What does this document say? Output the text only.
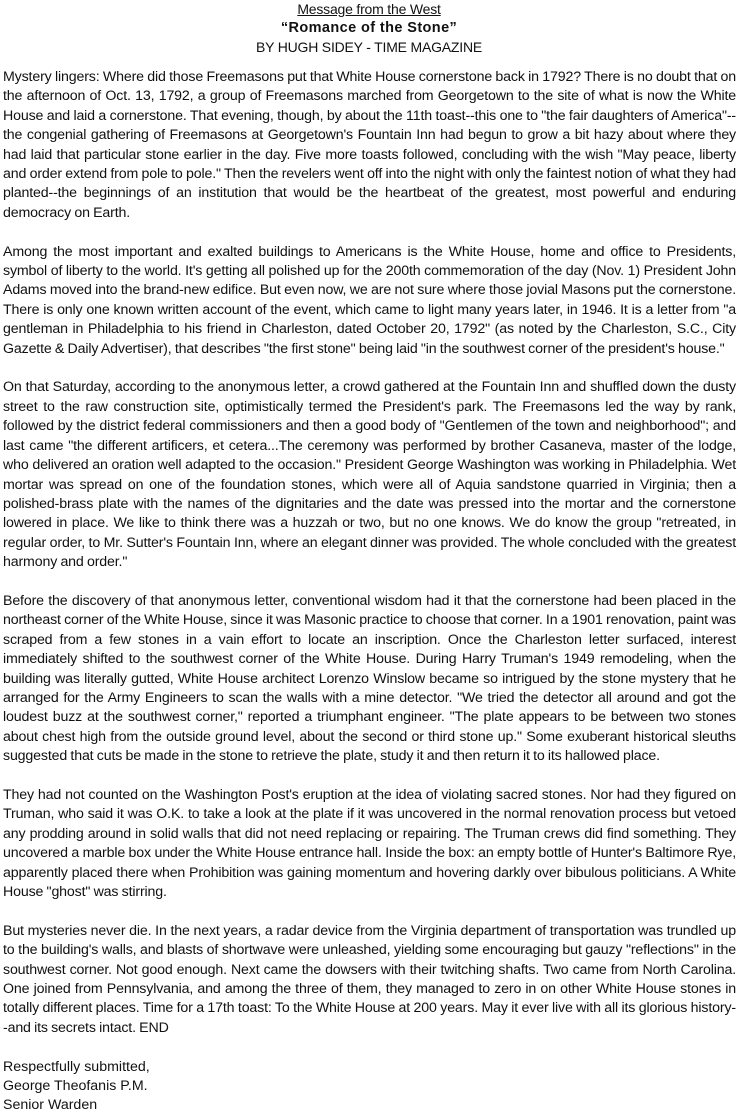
Message from the West
“Romance of the Stone”
BY HUGH SIDEY - TIME MAGAZINE

Mystery lingers: Where did those Freemasons put that White House cornerstone back in 1792? There is no doubt that on the afternoon of Oct. 13, 1792, a group of Freemasons marched from Georgetown to the site of what is now the White House and laid a cornerstone. That evening, though, by about the 11th toast--this one to "the fair daughters of America"--the congenial gathering of Freemasons at Georgetown's Fountain Inn had begun to grow a bit hazy about where they had laid that particular stone earlier in the day. Five more toasts followed, concluding with the wish "May peace, liberty and order extend from pole to pole." Then the revelers went off into the night with only the faintest notion of what they had planted--the beginnings of an institution that would be the heartbeat of the greatest, most powerful and enduring democracy on Earth.

Among the most important and exalted buildings to Americans is the White House, home and office to Presidents, symbol of liberty to the world. It's getting all polished up for the 200th commemoration of the day (Nov. 1) President John Adams moved into the brand-new edifice. But even now, we are not sure where those jovial Masons put the cornerstone. There is only one known written account of the event, which came to light many years later, in 1946. It is a letter from "a gentleman in Philadelphia to his friend in Charleston, dated October 20, 1792" (as noted by the Charleston, S.C., City Gazette & Daily Advertiser), that describes "the first stone" being laid "in the southwest corner of the president's house."

On that Saturday, according to the anonymous letter, a crowd gathered at the Fountain Inn and shuffled down the dusty street to the raw construction site, optimistically termed the President's park. The Freemasons led the way by rank, followed by the district federal commissioners and then a good body of "Gentlemen of the town and neighborhood"; and last came "the different artificers, et cetera...The ceremony was performed by brother Casaneva, master of the lodge, who delivered an oration well adapted to the occasion." President George Washington was working in Philadelphia. Wet mortar was spread on one of the foundation stones, which were all of Aquia sandstone quarried in Virginia; then a polished-brass plate with the names of the dignitaries and the date was pressed into the mortar and the cornerstone lowered in place. We like to think there was a huzzah or two, but no one knows. We do know the group "retreated, in regular order, to Mr. Sutter's Fountain Inn, where an elegant dinner was provided. The whole concluded with the greatest harmony and order."

Before the discovery of that anonymous letter, conventional wisdom had it that the cornerstone had been placed in the northeast corner of the White House, since it was Masonic practice to choose that corner. In a 1901 renovation, paint was scraped from a few stones in a vain effort to locate an inscription. Once the Charleston letter surfaced, interest immediately shifted to the southwest corner of the White House. During Harry Truman's 1949 remodeling, when the building was literally gutted, White House architect Lorenzo Winslow became so intrigued by the stone mystery that he arranged for the Army Engineers to scan the walls with a mine detector. "We tried the detector all around and got the loudest buzz at the southwest corner," reported a triumphant engineer. "The plate appears to be between two stones about chest high from the outside ground level, about the second or third stone up." Some exuberant historical sleuths suggested that cuts be made in the stone to retrieve the plate, study it and then return it to its hallowed place.

They had not counted on the Washington Post's eruption at the idea of violating sacred stones. Nor had they figured on Truman, who said it was O.K. to take a look at the plate if it was uncovered in the normal renovation process but vetoed any prodding around in solid walls that did not need replacing or repairing. The Truman crews did find something. They uncovered a marble box under the White House entrance hall. Inside the box: an empty bottle of Hunter's Baltimore Rye, apparently placed there when Prohibition was gaining momentum and hovering darkly over bibulous politicians. A White House "ghost" was stirring.

But mysteries never die. In the next years, a radar device from the Virginia department of transportation was trundled up to the building's walls, and blasts of shortwave were unleashed, yielding some encouraging but gauzy "reflections" in the southwest corner. Not good enough. Next came the dowsers with their twitching shafts. Two came from North Carolina. One joined from Pennsylvania, and among the three of them, they managed to zero in on other White House stones in totally different places. Time for a 17th toast: To the White House at 200 years. May it ever live with all its glorious history--and its secrets intact. END

Respectfully submitted,
George Theofanis P.M.
Senior Warden
